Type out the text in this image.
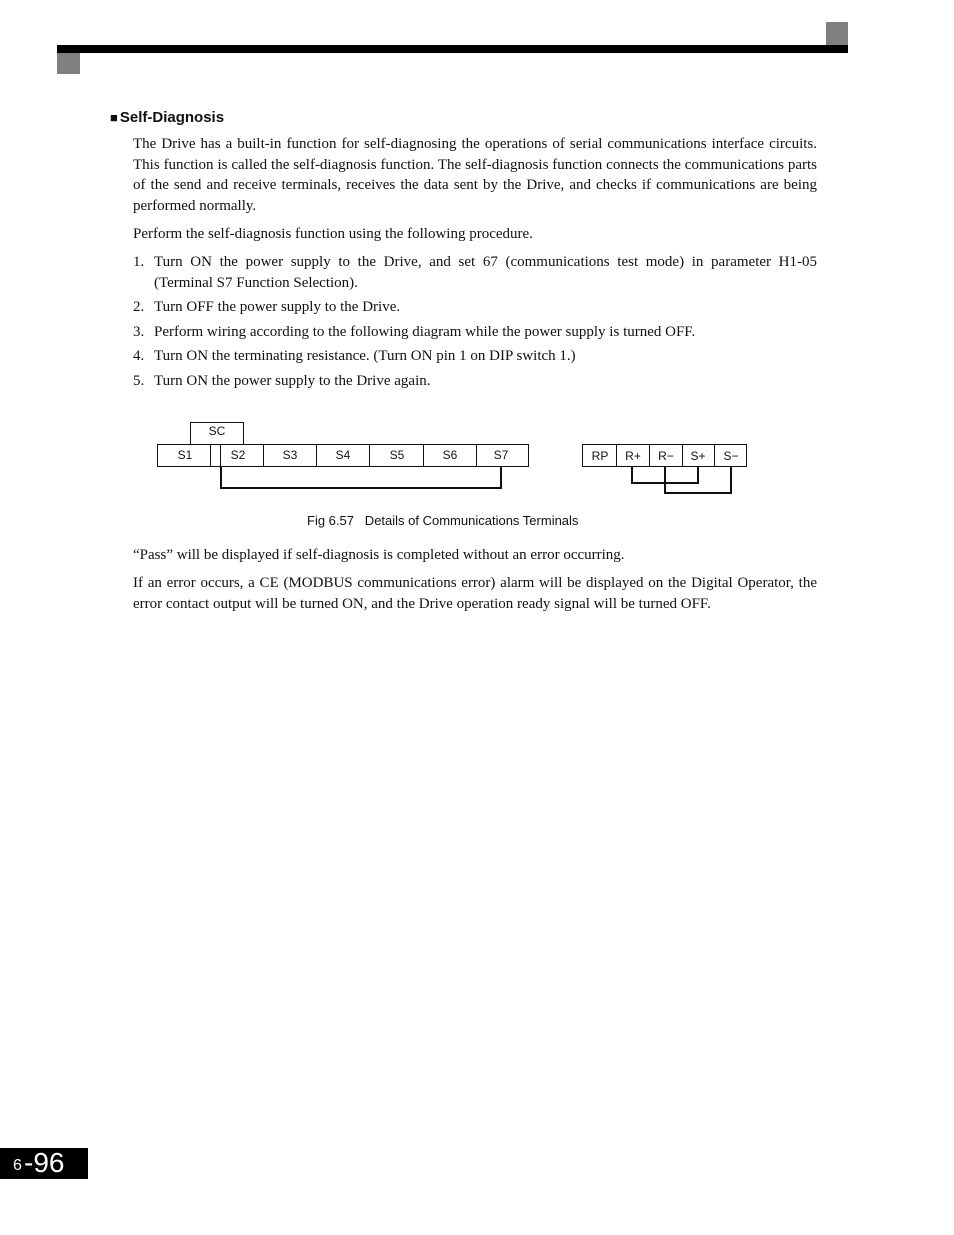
■ Self-Diagnosis

The Drive has a built-in function for self-diagnosing the operations of serial communications interface circuits. This function is called the self-diagnosis function. The self-diagnosis function connects the communications parts of the send and receive terminals, receives the data sent by the Drive, and checks if communications are being performed normally.

Perform the self-diagnosis function using the following procedure.

1. Turn ON the power supply to the Drive, and set 67 (communications test mode) in parameter H1-05 (Terminal S7 Function Selection).
2. Turn OFF the power supply to the Drive.
3. Perform wiring according to the following diagram while the power supply is turned OFF.
4. Turn ON the terminating resistance. (Turn ON pin 1 on DIP switch 1.)
5. Turn ON the power supply to the Drive again.
SC
S1	S2	S3	S4	S5	S6	S7	RP R+ R− S+ S−

Fig 6.57   Details of Communications Terminals

“Pass” will be displayed if self-diagnosis is completed without an error occurring.

If an error occurs, a CE (MODBUS communications error) alarm will be displayed on the Digital Operator, the error contact output will be turned ON, and the Drive operation ready signal will be turned OFF.

6 -96
